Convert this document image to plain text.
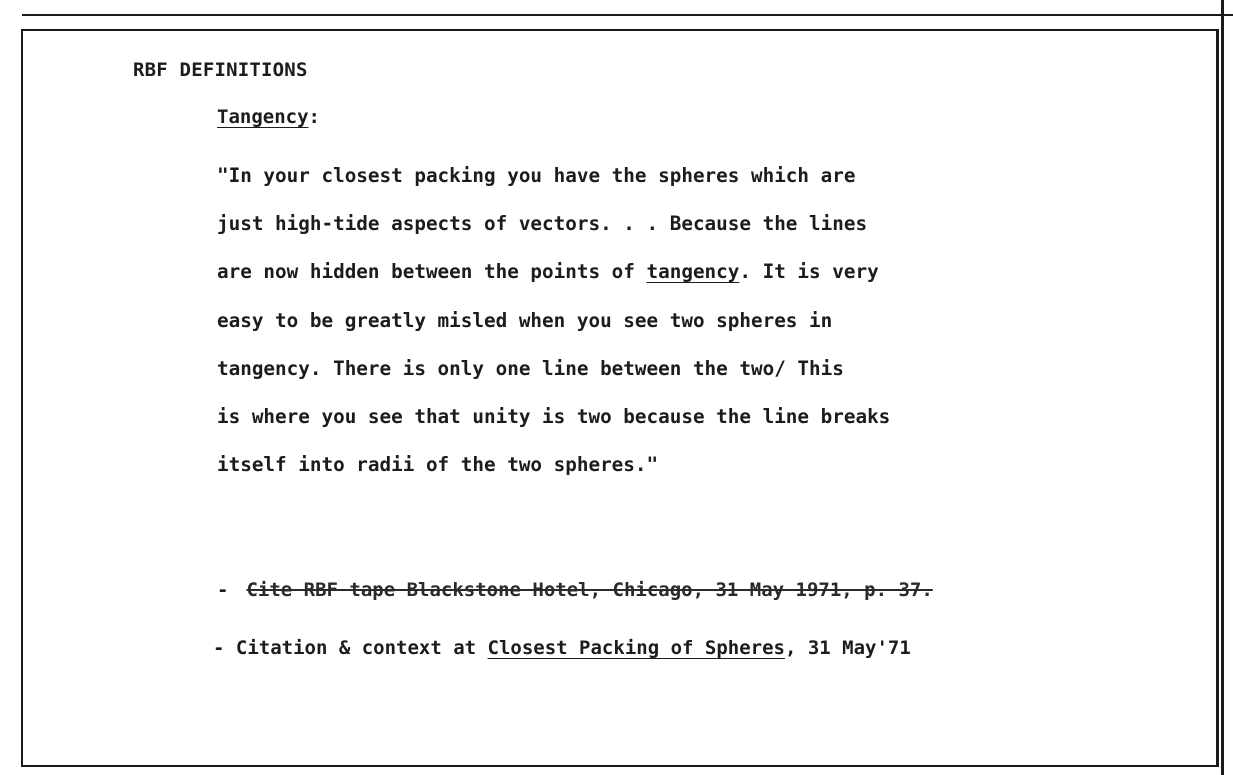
RBF DEFINITIONS
Tangency:
"In your closest packing you have the spheres which are
just high-tide aspects of vectors. . . Because the lines
are now hidden between the points of tangency. It is very
easy to be greatly misled when you see two spheres in
tangency. There is only one line between the two/ This
is where you see that unity is two because the line breaks
itself into radii of the two spheres."
- Cite RBF tape Blackstone Hotel, Chicago, 31 May 1971, p. 37.
- Citation & context at Closest Packing of Spheres, 31 May'71
